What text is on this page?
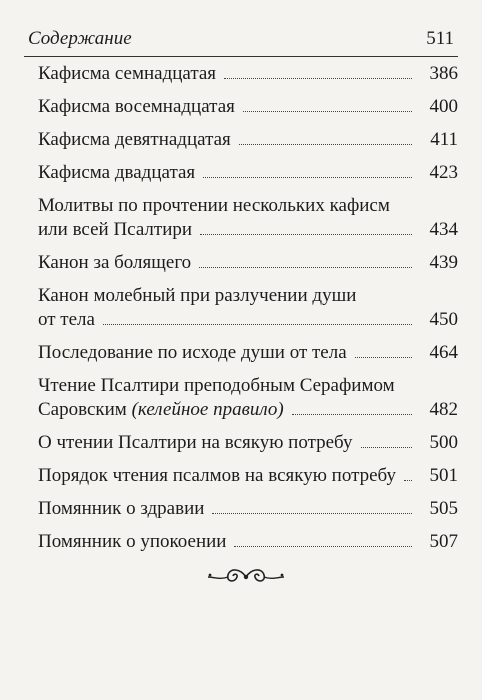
Содержание	511
Кафисма семнадцатая	386
Кафисма восемнадцатая	400
Кафисма девятнадцатая	411
Кафисма двадцатая	423
Молитвы по прочтении нескольких кафисм
или всей Псалтири	434
Канон за болящего	439
Канон молебный при разлучении души
от тела	450
Последование по исходе души от тела	464
Чтение Псалтири преподобным Серафимом
Саровским (келейное правило)	482
О чтении Псалтири на всякую потребу	500
Порядок чтения псалмов на всякую потребу	501
Помянник о здравии	505
Помянник о упокоении	507
